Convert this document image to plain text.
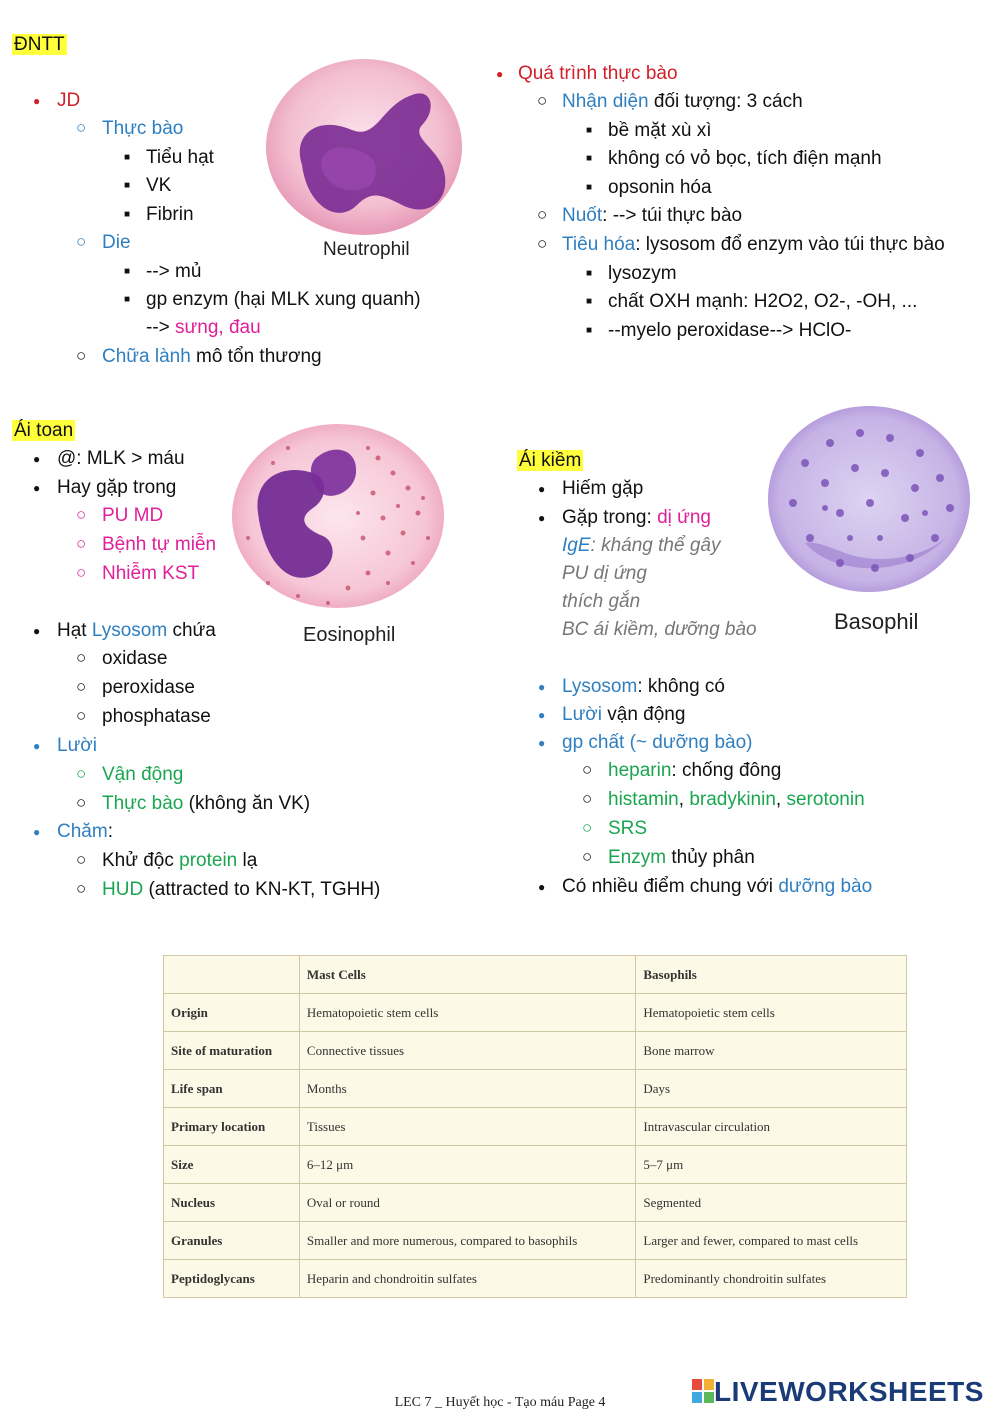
ĐNTT
● JD
○ Thực bào
■ Tiểu hạt
■ VK
■ Fibrin
○ Die
■ --> mủ
■ gp enzym (hại MLK xung quanh)
--> sưng, đau
○ Chữa lành mô tổn thương
Neutrophil
● Quá trình thực bào
○ Nhận diện đối tượng: 3 cách
■ bề mặt xù xì
■ không có vỏ bọc, tích điện mạnh
■ opsonin hóa
○ Nuốt: --> túi thực bào
○ Tiêu hóa: lysosom đổ enzym vào túi thực bào
■ lysozym
■ chất OXH mạnh: H2O2, O2-, -OH, ...
■ --myelo peroxidase--> HClO-
Ái toan
● @: MLK > máu
● Hay gặp trong
○ PU MD
○ Bệnh tự miễn
○ Nhiễm KST
● Hạt Lysosom chứa
○ oxidase
○ peroxidase
○ phosphatase
● Lười
○ Vận động
○ Thực bào (không ăn VK)
● Chăm:
○ Khử độc protein lạ
○ HUD (attracted to KN-KT, TGHH)
Eosinophil
Ái kiềm
● Hiếm gặp
● Gặp trong: dị ứng
IgE: kháng thể gây
PU dị ứng
thích gắn
BC ái kiềm, dưỡng bào
● Lysosom: không có
● Lười vận động
● gp chất (~ dưỡng bào)
○ heparin: chống đông
○ histamin, bradykinin, serotonin
○ SRS
○ Enzym thủy phân
● Có nhiều điểm chung với dưỡng bào
Basophil
	Mast Cells	Basophils
Origin	Hematopoietic stem cells	Hematopoietic stem cells
Site of maturation	Connective tissues	Bone marrow
Life span	Months	Days
Primary location	Tissues	Intravascular circulation
Size	6–12 μm	5–7 μm
Nucleus	Oval or round	Segmented
Granules	Smaller and more numerous, compared to basophils	Larger and fewer, compared to mast cells
Peptidoglycans	Heparin and chondroitin sulfates	Predominantly chondroitin sulfates
LEC 7 _ Huyết học - Tạo máu Page 4	LIVEWORKSHEETS
